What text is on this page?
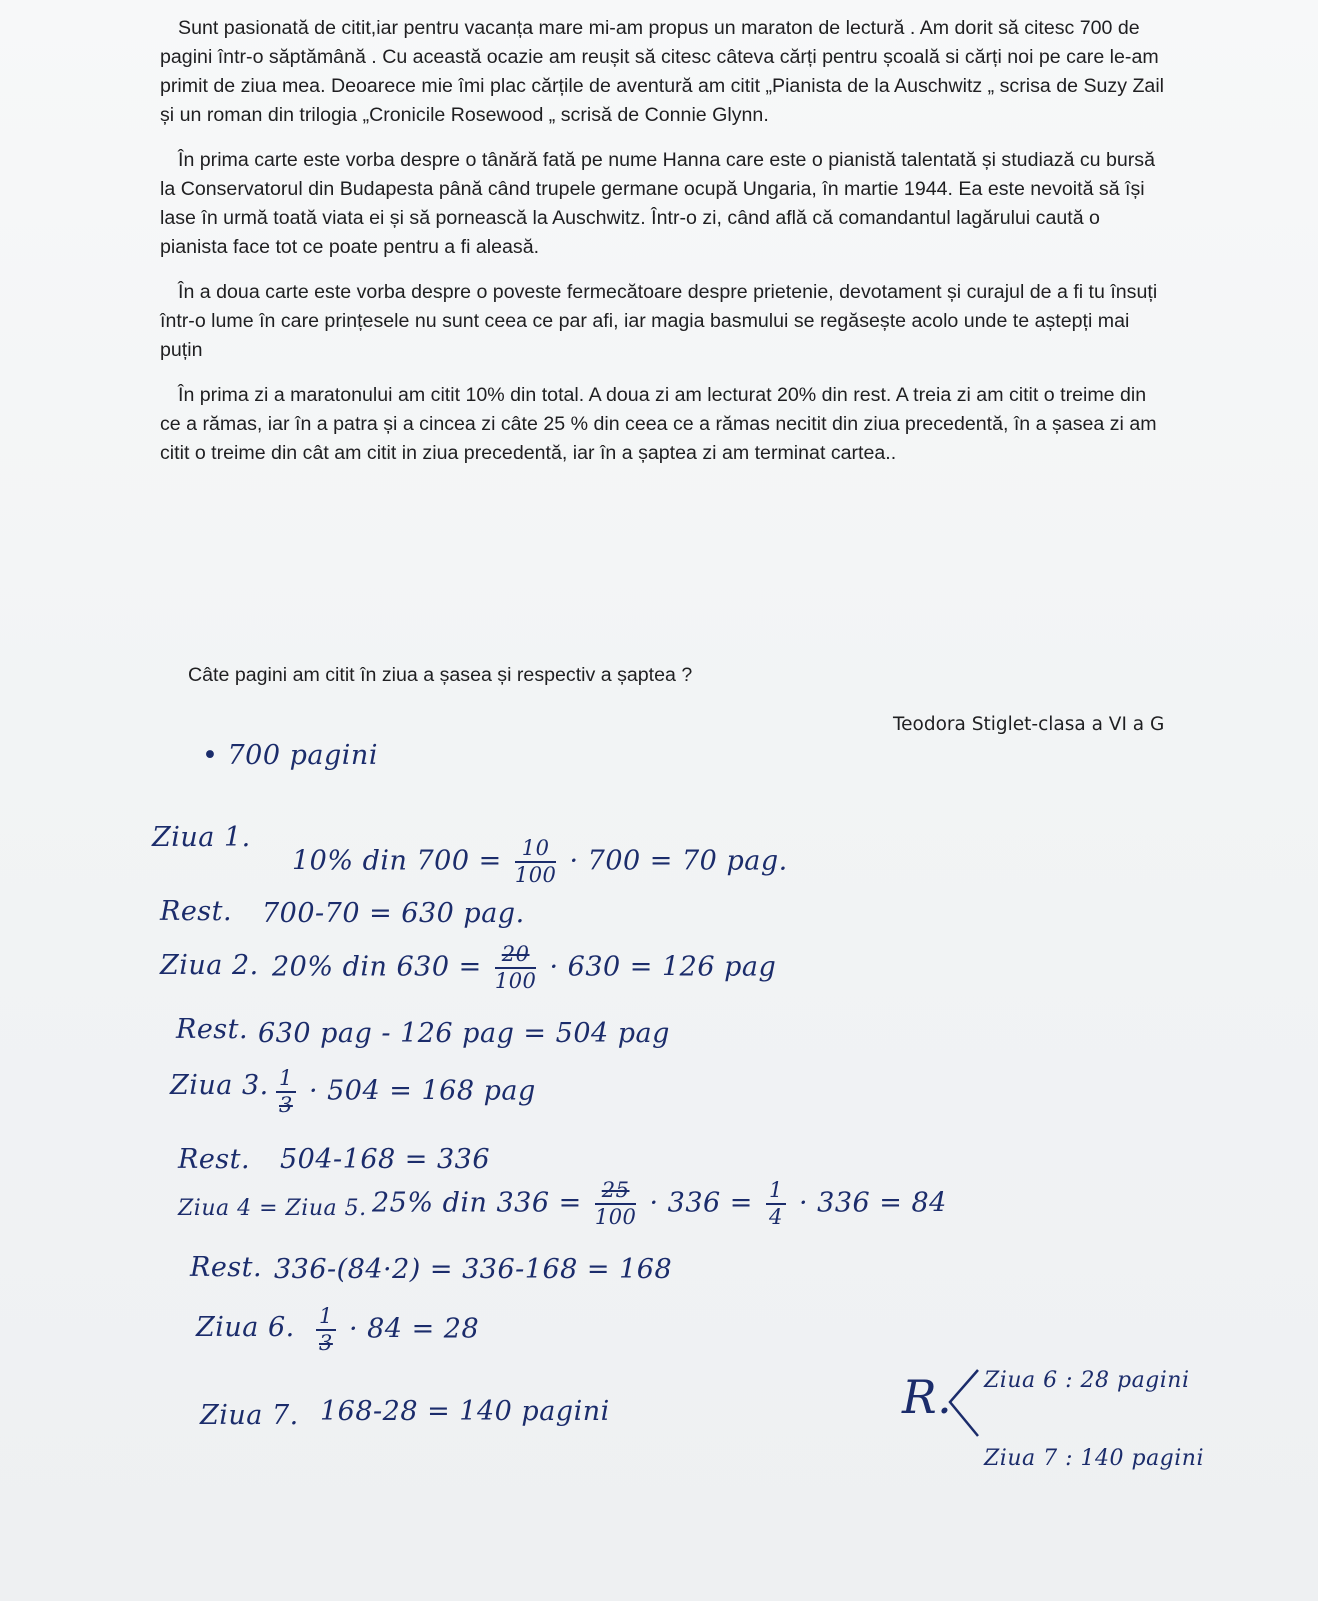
Sunt pasionată de citit,iar pentru vacanța mare mi-am propus un maraton de lectură . Am dorit să citesc 700 de pagini într-o săptămână . Cu această ocazie am reușit să citesc câteva cărți pentru școală si cărți noi pe care le-am primit de ziua mea. Deoarece mie îmi plac cărțile de aventură am citit „Pianista de la Auschwitz „ scrisa de Suzy Zail și un roman din trilogia „Cronicile Rosewood „ scrisă de Connie Glynn.

În prima carte este vorba despre o tânără fată pe nume Hanna care este o pianistă talentată și studiază cu bursă la Conservatorul din Budapesta până când trupele germane ocupă Ungaria, în martie 1944. Ea este nevoită să își lase în urmă toată viata ei și să pornească la Auschwitz. Într-o zi, când află că comandantul lagărului caută o pianista face tot ce poate pentru a fi aleasă.

În a doua carte este vorba despre o poveste fermecătoare despre prietenie, devotament și curajul de a fi tu însuți într-o lume în care prințesele nu sunt ceea ce par afi, iar magia basmului se regăsește acolo unde te aștepți mai puțin

În prima zi a maratonului am citit 10% din total. A doua zi am lecturat 20% din rest. A treia zi am citit o treime din ce a rămas, iar în a patra și a cincea zi câte 25 % din ceea ce a rămas necitit din ziua precedentă, în a șasea zi am citit o treime din cât am citit in ziua precedentă, iar în a șaptea zi am terminat cartea..

Câte pagini am citit în ziua a șasea și respectiv a șaptea ?
Teodora Stiglet-clasa a VI a G
• 700 pagini
Ziua 1.
10% din $700 = \frac{10}{100} \cdot 700 = 70$ pag.
Rest. 700-70 = 630 pag.
Ziua 2. 20% din $630 = \frac{20}{100} \cdot 630 = 126$ pag
Rest. 630 pag - 126 pag = 504 pag
Ziua 3. $\frac{1}{3} \cdot 504 = 168$ pag
Rest. 504-168 = 336
Ziua 4 = Ziua 5. 25% din $336 = \frac{25}{100} \cdot 336 = \frac{1}{4} \cdot 336 = 84$
Rest. 336-(84·2) = 336-168 = 168
Ziua 6. $\frac{1}{3} \cdot 84 = 28$
Ziua 7. 168-28 = 140 pagini	R. Ziua 6 : 28 pagini
Ziua 7 : 140 pagini
